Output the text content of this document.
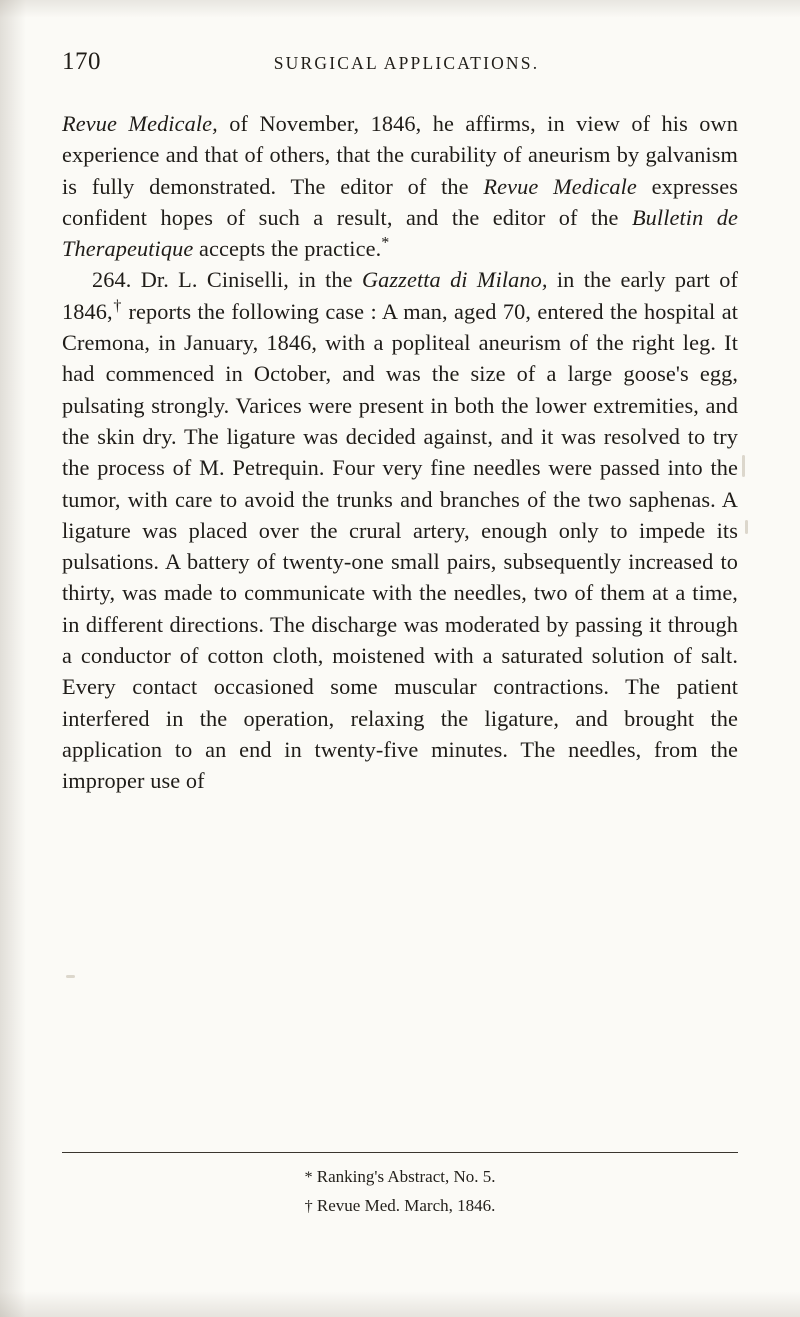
170	SURGICAL APPLICATIONS.

Revue Medicale, of November, 1846, he affirms, in view of his own experience and that of others, that the curability of aneurism by galvanism is fully demonstrated. The editor of the Revue Medicale expresses confident hopes of such a result, and the editor of the Bulletin de Therapeutique accepts the practice.*

264. Dr. L. Ciniselli, in the Gazzetta di Milano, in the early part of 1846,† reports the following case : A man, aged 70, entered the hospital at Cremona, in January, 1846, with a popliteal aneurism of the right leg. It had commenced in October, and was the size of a large goose's egg, pulsating strongly. Varices were present in both the lower extremities, and the skin dry. The ligature was decided against, and it was resolved to try the process of M. Petrequin. Four very fine needles were passed into the tumor, with care to avoid the trunks and branches of the two saphenas. A ligature was placed over the crural artery, enough only to impede its pulsations. A battery of twenty-one small pairs, subsequently increased to thirty, was made to communicate with the needles, two of them at a time, in different directions. The discharge was moderated by passing it through a conductor of cotton cloth, moistened with a saturated solution of salt. Every contact occasioned some muscular contractions. The patient interfered in the operation, relaxing the ligature, and brought the application to an end in twenty-five minutes. The needles, from the improper use of

* Ranking's Abstract, No. 5.
† Revue Med. March, 1846.
